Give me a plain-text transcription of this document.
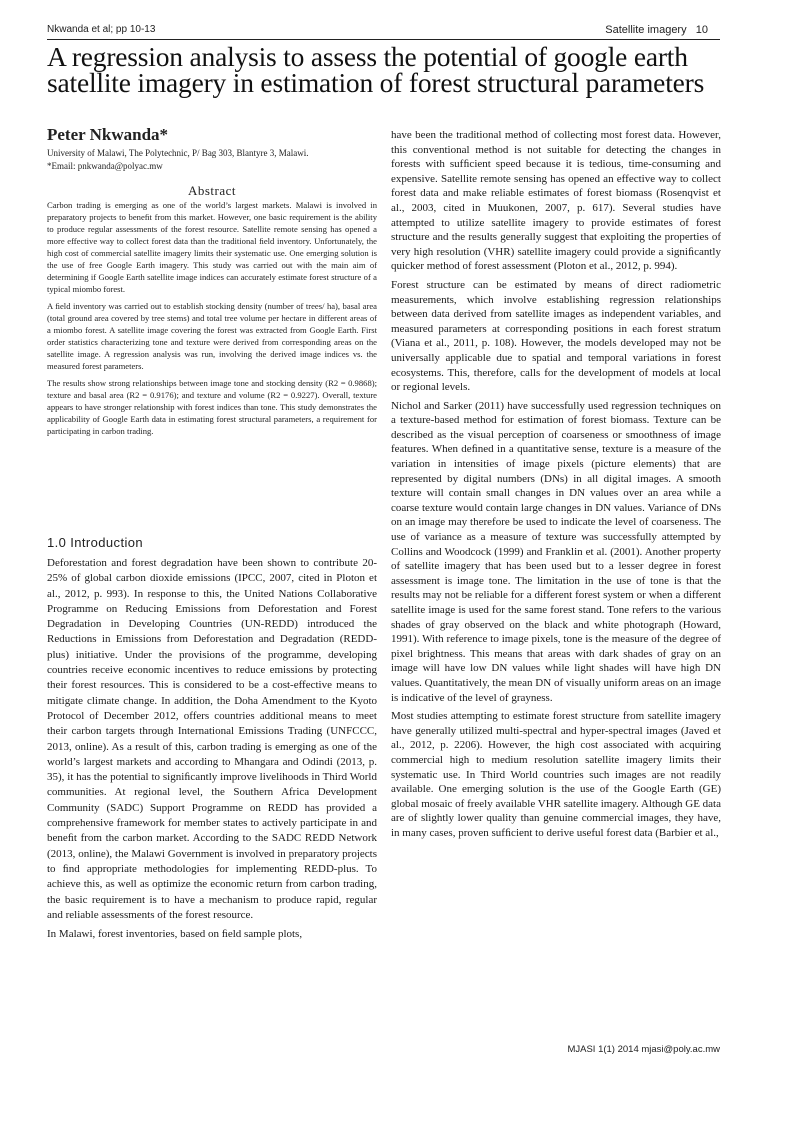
Nkwanda et al; pp 10-13	Satellite imagery   10
A regression analysis to assess the potential of google earth satellite imagery in estimation of forest structural parameters
Peter Nkwanda*
University of Malawi, The Polytechnic, P/ Bag 303, Blantyre 3, Malawi.
*Email: pnkwanda@polyac.mw
Abstract

Carbon trading is emerging as one of the world’s largest markets. Malawi is involved in preparatory projects to beneﬁt from this market. However, one basic requirement is the ability to produce regular assessments of the forest resource. Satellite remote sensing has opened a more effective way to collect forest data than the traditional ﬁeld inventory. Unfortunately, the high cost of commercial satellite imagery limits their systematic use. One emerging solution is the use of free Google Earth imagery. This study was carried out with the main aim of determining if Google Earth satellite image indices can accurately estimate forest structure of a typical miombo forest.

A ﬁeld inventory was carried out to establish stocking density (number of trees/ ha), basal area (total ground area covered by tree stems) and total tree volume per hectare in different areas of a miombo forest. A satellite image covering the forest was extracted from Google Earth. First order statistics characterizing tone and texture were derived from corresponding areas on the satellite image. A regression analysis was run, involving the derived image indices vs. the measured forest parameters.

The results show strong relationships between image tone and stocking density (R2 = 0.9868); texture and basal area (R2 = 0.9176); and texture and volume (R2 = 0.9227). Overall, texture appears to have stronger relationship with forest indices than tone. This study demonstrates the applicability of Google Earth data in estimating forest structural parameters, a requirement for participating in carbon trading.

1.0 Introduction

Deforestation and forest degradation have been shown to contribute 20-25% of global carbon dioxide emissions (IPCC, 2007, cited in Ploton et al., 2012, p. 993). In response to this, the United Nations Collaborative Programme on Reducing Emissions from Deforestation and Forest Degradation in Developing Countries (UN-REDD) introduced the Reductions in Emissions from Deforestation and Degradation (REDD-plus) initiative. Under the provisions of the programme, developing countries receive economic incentives to reduce emissions by protecting their forest resources. This is considered to be a cost-effective means to mitigate climate change. In addition, the Doha Amendment to the Kyoto Protocol of December 2012, offers countries additional means to meet their carbon targets through International Emissions Trading (UNFCCC, 2013, online). As a result of this, carbon trading is emerging as one of the world’s largest markets and according to Mhangara and Odindi (2013, p. 35), it has the potential to signiﬁcantly improve livelihoods in Third World communities. At regional level, the Southern Africa Development Community (SADC) Support Programme on REDD has provided a comprehensive framework for member states to actively participate in and beneﬁt from the carbon market. According to the SADC REDD Network (2013, online), the Malawi Government is involved in preparatory projects to ﬁnd appropriate methodologies for implementing REDD-plus. To achieve this, as well as optimize the economic return from carbon trading, the basic requirement is to have a mechanism to produce rapid, regular and reliable assessments of the forest resource.

In Malawi, forest inventories, based on ﬁeld sample plots,

have been the traditional method of collecting most forest data. However, this conventional method is not suitable for detecting the changes in forests with sufﬁcient speed because it is tedious, time-consuming and expensive. Satellite remote sensing has opened an effective way to collect forest data and make reliable estimates of forest biomass (Rosenqvist et al., 2003, cited in Muukonen, 2007, p. 617). Several studies have attempted to utilize satellite imagery to provide estimates of forest structure and the results generally suggest that exploiting the properties of very high resolution (VHR) satellite imagery could provide a signiﬁcantly quicker method of forest assessment (Ploton et al., 2012, p. 994).

Forest structure can be estimated by means of direct radiometric measurements, which involve establishing regression relationships between data derived from satellite images as independent variables, and measured parameters at corresponding positions in each forest stratum (Viana et al., 2011, p. 108). However, the models developed may not be universally applicable due to spatial and temporal variations in forest ecosystems. This, therefore, calls for the development of models at local or regional levels.

Nichol and Sarker (2011) have successfully used regression techniques on a texture-based method for estimation of forest biomass. Texture can be described as the visual perception of coarseness or smoothness of image features. When deﬁned in a quantitative sense, texture is a measure of the variation in intensities of image pixels (picture elements) that are represented by digital numbers (DNs) in all digital images. A smooth texture will contain small changes in DN values over an area while a coarse texture would contain large changes in DN values. Variance of DNs on an image may therefore be used to indicate the level of coarseness. The use of variance as a measure of texture was successfully attempted by Collins and Woodcock (1999) and Franklin et al. (2001). Another property of satellite imagery that has been used but to a lesser degree in forest assessment is image tone. The limitation in the use of tone is that the results may not be reliable for a different forest system or when a different satellite image is used for the same forest stand. Tone refers to the various shades of gray observed on the black and white photograph (Howard, 1991). With reference to image pixels, tone is the measure of the degree of pixel brightness. This means that areas with dark shades of gray on an image will have low DN values while light shades will have high DN values. Quantitatively, the mean DN of visually uniform areas on an image is indicative of the level of grayness.

Most studies attempting to estimate forest structure from satellite imagery have generally utilized multi-spectral and hyper-spectral images (Javed et al., 2012, p. 2206). However, the high cost associated with acquiring commercial high to medium resolution satellite imagery limits their systematic use. In Third World countries such images are not readily available. One emerging solution is the use of the Google Earth (GE) global mosaic of freely available VHR satellite imagery. Although GE data are of slightly lower quality than genuine commercial images, they have, in many cases, proven sufﬁcient to derive useful forest data (Barbier et al.,

MJASI 1(1) 2014 mjasi@poly.ac.mw
